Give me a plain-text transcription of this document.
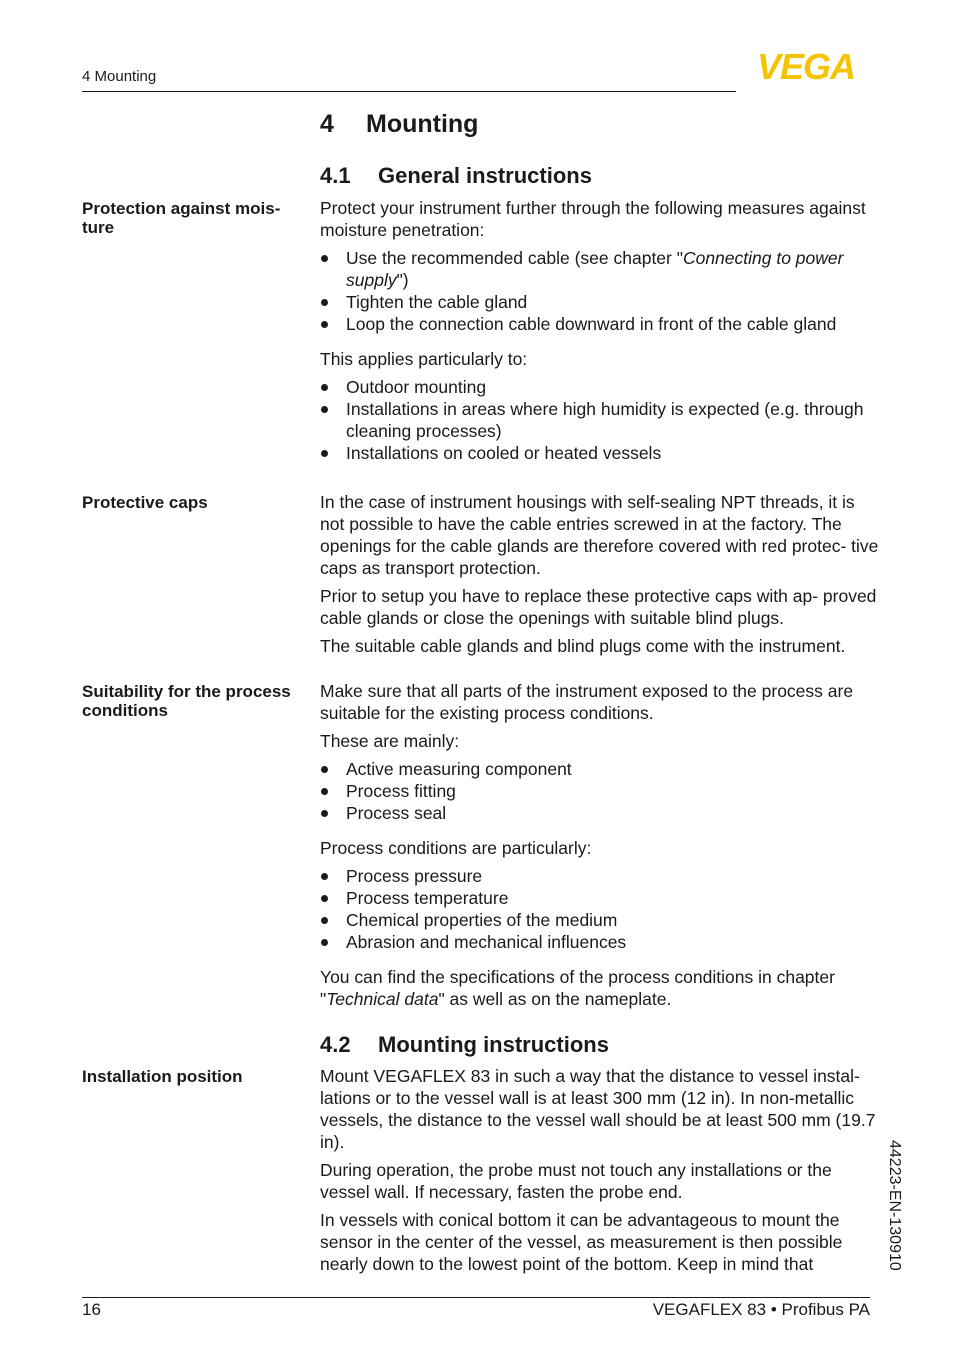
4 Mounting	VEGA
4 Mounting
4.1 General instructions
Protection against mois- ture

Protect your instrument further through the following measures against moisture penetration:

Use the recommended cable (see chapter "Connecting to power supply")
Tighten the cable gland
Loop the connection cable downward in front of the cable gland

This applies particularly to:

Outdoor mounting
Installations in areas where high humidity is expected (e.g. through cleaning processes)
Installations on cooled or heated vessels
Protective caps	In the case of instrument housings with self-sealing NPT threads, it is not possible to have the cable entries screwed in at the factory. The openings for the cable glands are therefore covered with red protec- tive caps as transport protection.

Prior to setup you have to replace these protective caps with ap- proved cable glands or close the openings with suitable blind plugs.

The suitable cable glands and blind plugs come with the instrument.

Suitability for the process conditions

Make sure that all parts of the instrument exposed to the process are suitable for the existing process conditions.

These are mainly:

Active measuring component
Process fitting
Process seal

Process conditions are particularly:

Process pressure
Process temperature
Chemical properties of the medium
Abrasion and mechanical influences

You can find the specifications of the process conditions in chapter "Technical data" as well as on the nameplate.

4.2 Mounting instructions
Installation position	Mount VEGAFLEX 83 in such a way that the distance to vessel instal- lations or to the vessel wall is at least 300 mm (12 in). In non-metallic vessels, the distance to the vessel wall should be at least 500 mm (19.7 in).

During operation, the probe must not touch any installations or the vessel wall. If necessary, fasten the probe end.

In vessels with conical bottom it can be advantageous to mount the sensor in the center of the vessel, as measurement is then possible nearly down to the lowest point of the bottom. Keep in mind that	44223-EN-130910
16	VEGAFLEX 83 • Profibus PA
